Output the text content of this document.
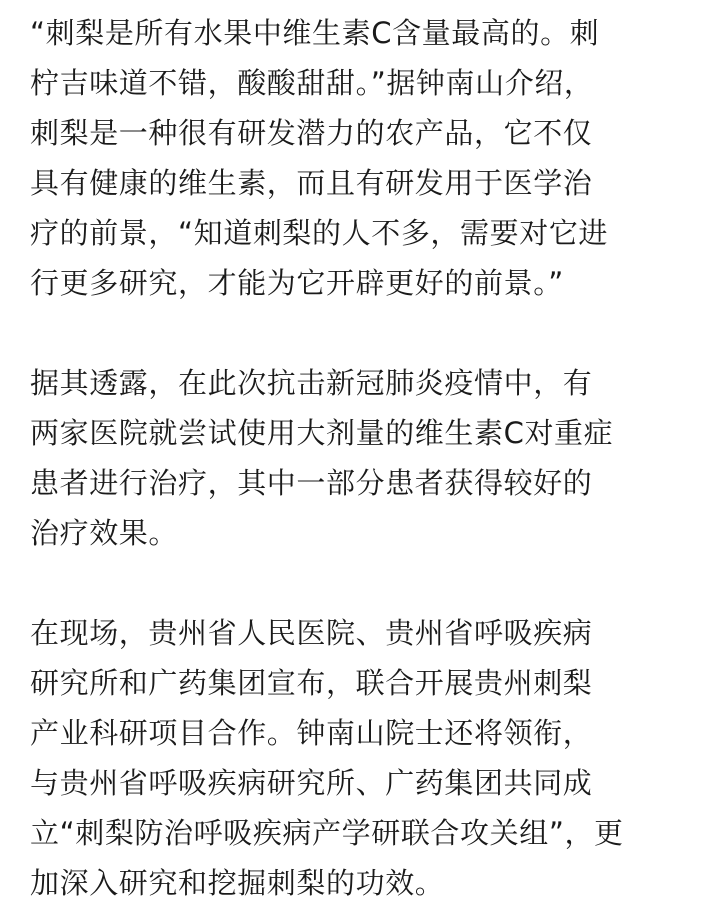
“刺梨是所有水果中维生素C含量最高的。刺
柠吉味道不错，酸酸甜甜。”据钟南山介绍，
刺梨是一种很有研发潜力的农产品，它不仅
具有健康的维生素，而且有研发用于医学治
疗的前景，“知道刺梨的人不多，需要对它进
行更多研究，才能为它开辟更好的前景。”

据其透露，在此次抗击新冠肺炎疫情中，有
两家医院就尝试使用大剂量的维生素C对重症
患者进行治疗，其中一部分患者获得较好的
治疗效果。

在现场，贵州省人民医院、贵州省呼吸疾病
研究所和广药集团宣布，联合开展贵州刺梨
产业科研项目合作。钟南山院士还将领衔，
与贵州省呼吸疾病研究所、广药集团共同成
立“刺梨防治呼吸疾病产学研联合攻关组”，更
加深入研究和挖掘刺梨的功效。
